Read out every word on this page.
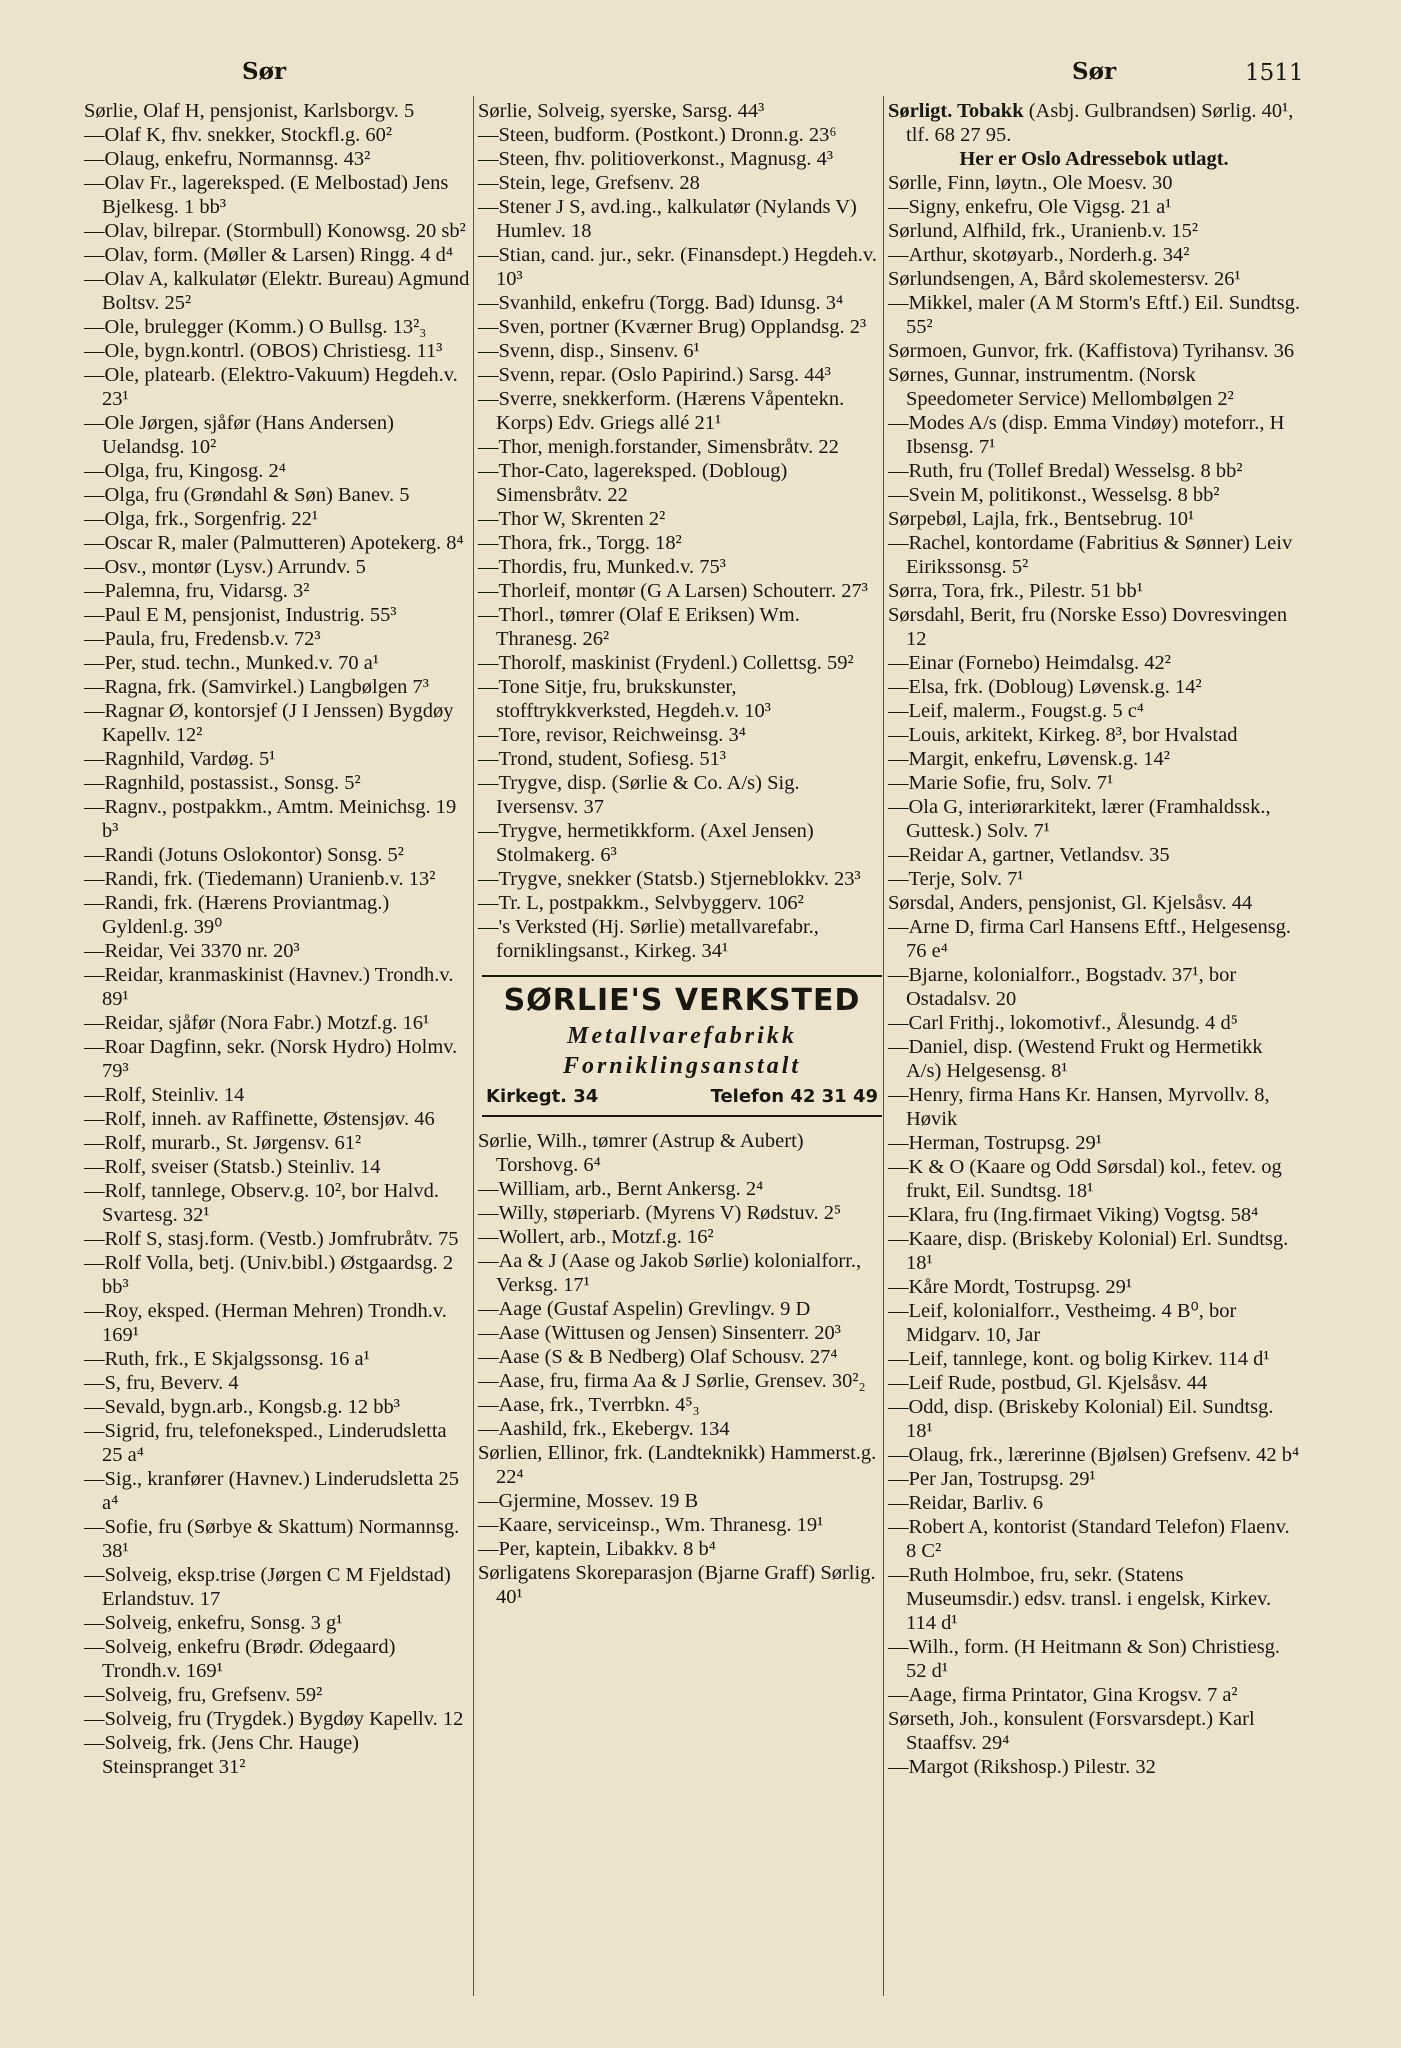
Sør	Sør	1511

Sørlie, Olaf H, pensjonist, Karlsborgv. 5

—Olaf K, fhv. snekker, Stockfl.g. 60²

—Olaug, enkefru, Normannsg. 43²

—Olav Fr., lagereksped. (E Melbostad) Jens Bjelkesg. 1 bb³

—Olav, bilrepar. (Stormbull) Konowsg. 20 sb²

—Olav, form. (Møller & Larsen) Ringg. 4 d⁴

—Olav A, kalkulatør (Elektr. Bureau) Agmund Boltsv. 25²

—Ole, brulegger (Komm.) O Bullsg. 13²₃

—Ole, bygn.kontrl. (OBOS) Christiesg. 11³

—Ole, platearb. (Elektro-Vakuum) Hegdeh.v. 23¹

—Ole Jørgen, sjåfør (Hans Andersen) Uelandsg. 10²

—Olga, fru, Kingosg. 2⁴

—Olga, fru (Grøndahl & Søn) Banev. 5

—Olga, frk., Sorgenfrig. 22¹

—Oscar R, maler (Palmutteren) Apotekerg. 8⁴

—Osv., montør (Lysv.) Arrundv. 5

—Palemna, fru, Vidarsg. 3²

—Paul E M, pensjonist, Industrig. 55³

—Paula, fru, Fredensb.v. 72³

—Per, stud. techn., Munked.v. 70 a¹

—Ragna, frk. (Samvirkel.) Langbølgen 7³

—Ragnar Ø, kontorsjef (J I Jenssen) Bygdøy Kapellv. 12²

—Ragnhild, Vardøg. 5¹

—Ragnhild, postassist., Sonsg. 5²

—Ragnv., postpakkm., Amtm. Meinichsg. 19 b³

—Randi (Jotuns Oslokontor) Sonsg. 5²

—Randi, frk. (Tiedemann) Uranienb.v. 13²

—Randi, frk. (Hærens Proviantmag.) Gyldenl.g. 39⁰

—Reidar, Vei 3370 nr. 20³

—Reidar, kranmaskinist (Havnev.) Trondh.v. 89¹

—Reidar, sjåfør (Nora Fabr.) Motzf.g. 16¹

—Roar Dagfinn, sekr. (Norsk Hydro) Holmv. 79³

—Rolf, Steinliv. 14

—Rolf, inneh. av Raffinette, Østensjøv. 46

—Rolf, murarb., St. Jørgensv. 61²

—Rolf, sveiser (Statsb.) Steinliv. 14

—Rolf, tannlege, Observ.g. 10², bor Halvd. Svartesg. 32¹

—Rolf S, stasj.form. (Vestb.) Jomfrubråtv. 75

—Rolf Volla, betj. (Univ.bibl.) Østgaardsg. 2 bb³

—Roy, eksped. (Herman Mehren) Trondh.v. 169¹

—Ruth, frk., E Skjalgssonsg. 16 a¹

—S, fru, Beverv. 4

—Sevald, bygn.arb., Kongsb.g. 12 bb³

—Sigrid, fru, telefoneksped., Linderudsletta 25 a⁴

—Sig., kranfører (Havnev.) Linderudsletta 25 a⁴

—Sofie, fru (Sørbye & Skattum) Normannsg. 38¹

—Solveig, eksp.trise (Jørgen C M Fjeldstad) Erlandstuv. 17

—Solveig, enkefru, Sonsg. 3 g¹

—Solveig, enkefru (Brødr. Ødegaard) Trondh.v. 169¹

—Solveig, fru, Grefsenv. 59²

—Solveig, fru (Trygdek.) Bygdøy Kapellv. 12

—Solveig, frk. (Jens Chr. Hauge) Steinspranget 31²

Sørlie, Solveig, syerske, Sarsg. 44³

—Steen, budform. (Postkont.) Dronn.g. 23⁶

—Steen, fhv. politioverkonst., Magnusg. 4³

—Stein, lege, Grefsenv. 28

—Stener J S, avd.ing., kalkulatør (Nylands V) Humlev. 18

—Stian, cand. jur., sekr. (Finansdept.) Hegdeh.v. 10³

—Svanhild, enkefru (Torgg. Bad) Idunsg. 3⁴

—Sven, portner (Kværner Brug) Opplandsg. 2³

—Svenn, disp., Sinsenv. 6¹

—Svenn, repar. (Oslo Papirind.) Sarsg. 44³

—Sverre, snekkerform. (Hærens Våpentekn. Korps) Edv. Griegs allé 21¹

—Thor, menigh.forstander, Simensbråtv. 22

—Thor-Cato, lagereksped. (Dobloug) Simensbråtv. 22

—Thor W, Skrenten 2²

—Thora, frk., Torgg. 18²

—Thordis, fru, Munked.v. 75³

—Thorleif, montør (G A Larsen) Schouterr. 27³

—Thorl., tømrer (Olaf E Eriksen) Wm. Thranesg. 26²

—Thorolf, maskinist (Frydenl.) Collettsg. 59²

—Tone Sitje, fru, brukskunster, stofftrykkverksted, Hegdeh.v. 10³

—Tore, revisor, Reichweinsg. 3⁴

—Trond, student, Sofiesg. 51³

—Trygve, disp. (Sørlie & Co. A/s) Sig. Iversensv. 37

—Trygve, hermetikkform. (Axel Jensen) Stolmakerg. 6³

—Trygve, snekker (Statsb.) Stjerneblokkv. 23³

—Tr. L, postpakkm., Selvbyggerv. 106²

—'s Verksted (Hj. Sørlie) metallvarefabr., forniklingsanst., Kirkeg. 34¹

SØRLIE'S VERKSTED
Metallvarefabrikk
Forniklingsanstalt
Kirkegt. 34	Telefon 42 31 49

Sørlie, Wilh., tømrer (Astrup & Aubert) Torshovg. 6⁴

—William, arb., Bernt Ankersg. 2⁴

—Willy, støperiarb. (Myrens V) Rødstuv. 2⁵

—Wollert, arb., Motzf.g. 16²

—Aa & J (Aase og Jakob Sørlie) kolonialforr., Verksg. 17¹

—Aage (Gustaf Aspelin) Grevlingv. 9 D

—Aase (Wittusen og Jensen) Sinsenterr. 20³

—Aase (S & B Nedberg) Olaf Schousv. 27⁴

—Aase, fru, firma Aa & J Sørlie, Grensev. 30²₂

—Aase, frk., Tverrbkn. 4⁵₃

—Aashild, frk., Ekebergv. 134

Sørlien, Ellinor, frk. (Landteknikk) Hammerst.g. 22⁴

—Gjermine, Mossev. 19 B

—Kaare, serviceinsp., Wm. Thranesg. 19¹

—Per, kaptein, Libakkv. 8 b⁴

Sørligatens Skoreparasjon (Bjarne Graff) Sørlig. 40¹

Sørligt. Tobakk (Asbj. Gulbrandsen) Sørlig. 40¹, tlf. 68 27 95.

Her er Oslo Adressebok utlagt.

Sørlle, Finn, løytn., Ole Moesv. 30

—Signy, enkefru, Ole Vigsg. 21 a¹

Sørlund, Alfhild, frk., Uranienb.v. 15²

—Arthur, skotøyarb., Norderh.g. 34²

Sørlundsengen, A, Bård skolemestersv. 26¹

—Mikkel, maler (A M Storm's Eftf.) Eil. Sundtsg. 55²

Sørmoen, Gunvor, frk. (Kaffistova) Tyrihansv. 36

Sørnes, Gunnar, instrumentm. (Norsk Speedometer Service) Mellombølgen 2²

—Modes A/s (disp. Emma Vindøy) moteforr., H Ibsensg. 7¹

—Ruth, fru (Tollef Bredal) Wesselsg. 8 bb²

—Svein M, politikonst., Wesselsg. 8 bb²

Sørpebøl, Lajla, frk., Bentsebrug. 10¹

—Rachel, kontordame (Fabritius & Sønner) Leiv Eirikssonsg. 5²

Sørra, Tora, frk., Pilestr. 51 bb¹

Sørsdahl, Berit, fru (Norske Esso) Dovresvingen 12

—Einar (Fornebo) Heimdalsg. 42²

—Elsa, frk. (Dobloug) Løvensk.g. 14²

—Leif, malerm., Fougst.g. 5 c⁴

—Louis, arkitekt, Kirkeg. 8³, bor Hvalstad

—Margit, enkefru, Løvensk.g. 14²

—Marie Sofie, fru, Solv. 7¹

—Ola G, interiørarkitekt, lærer (Framhaldssk., Guttesk.) Solv. 7¹

—Reidar A, gartner, Vetlandsv. 35

—Terje, Solv. 7¹

Sørsdal, Anders, pensjonist, Gl. Kjelsåsv. 44

—Arne D, firma Carl Hansens Eftf., Helgesensg. 76 e⁴

—Bjarne, kolonialforr., Bogstadv. 37¹, bor Ostadalsv. 20

—Carl Frithj., lokomotivf., Ålesundg. 4 d⁵

—Daniel, disp. (Westend Frukt og Hermetikk A/s) Helgesensg. 8¹

—Henry, firma Hans Kr. Hansen, Myrvollv. 8, Høvik

—Herman, Tostrupsg. 29¹

—K & O (Kaare og Odd Sørsdal) kol., fetev. og frukt, Eil. Sundtsg. 18¹

—Klara, fru (Ing.firmaet Viking) Vogtsg. 58⁴

—Kaare, disp. (Briskeby Kolonial) Erl. Sundtsg. 18¹

—Kåre Mordt, Tostrupsg. 29¹

—Leif, kolonialforr., Vestheimg. 4 B⁰, bor Midgarv. 10, Jar

—Leif, tannlege, kont. og bolig Kirkev. 114 d¹

—Leif Rude, postbud, Gl. Kjelsåsv. 44

—Odd, disp. (Briskeby Kolonial) Eil. Sundtsg. 18¹

—Olaug, frk., lærerinne (Bjølsen) Grefsenv. 42 b⁴

—Per Jan, Tostrupsg. 29¹

—Reidar, Barliv. 6

—Robert A, kontorist (Standard Telefon) Flaenv. 8 C²

—Ruth Holmboe, fru, sekr. (Statens Museumsdir.) edsv. transl. i engelsk, Kirkev. 114 d¹

—Wilh., form. (H Heitmann & Son) Christiesg. 52 d¹

—Aage, firma Printator, Gina Krogsv. 7 a²

Sørseth, Joh., konsulent (Forsvarsdept.) Karl Staaffsv. 29⁴

—Margot (Rikshosp.) Pilestr. 32
